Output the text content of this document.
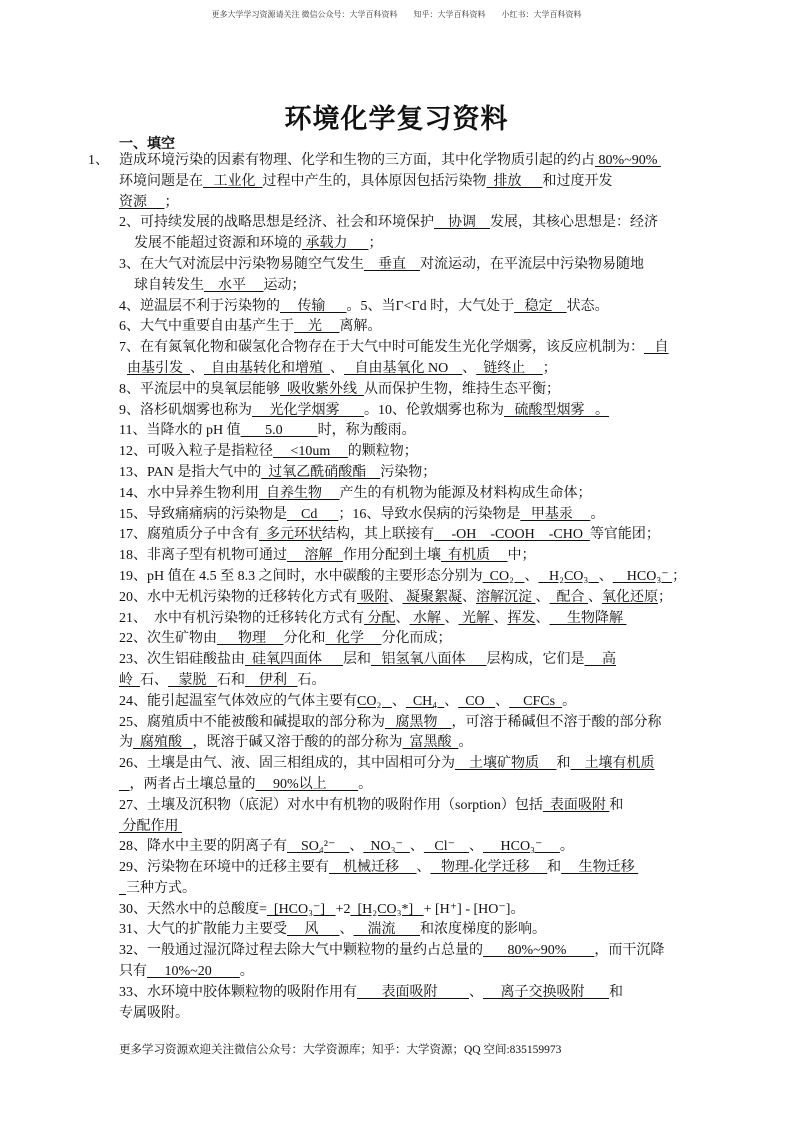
更多大学学习资源请关注 微信公众号：大学百科资料        知乎：大学百科资料        小红书：大学百科资料
环境化学复习资料
一、填空
1、 造成环境污染的因素有物理、化学和生物的三方面，其中化学物质引起的约占 80%~90%
环境问题是在   工业化  过程中产生的，具体原因包括污染物  排放      和过度开发
资源     ；
2、可持续发展的战略思想是经济、社会和环境保护    协调    发展，其核心思想是：经济
发展不能超过资源和环境的 承载力      ；
3、在大气对流层中污染物易随空气发生    垂直    对流运动，在平流层中污染物易随地
球自转发生    水平     运动；
4、逆温层不利于污染物的     传输      。5、当Γ<Γd 时，大气处于   稳定    状态。
6、大气中重要自由基产生于    光     离解。
7、在有氮氧化物和碳氢化合物存在于大气中时可能发生光化学烟雾，该反应机制为：   自
由基引发  、  自由基转化和增殖  、   自由基氧化 NO    、  链终止     ；
8、平流层中的臭氧层能够  吸收紫外线  从而保护生物，维持生态平衡；
9、洛杉矶烟雾也称为     光化学烟雾       。10、伦敦烟雾也称为   硫酸型烟雾   。
11、当降水的 pH 值       5.0          时，称为酸雨。
12、可吸入粒子是指粒径     <10um     的颗粒物；
13、PAN 是指大气中的  过氧乙酰硝酸酯    污染物；
14、水中异养生物利用  自养生物     产生的有机物为能源及材料构成生命体；
15、导致痛痛病的污染物是    Cd      ；16、导致水俣病的污染物是   甲基汞     。
17、腐殖质分子中含有  多元环状结构，其上联接有     -OH    -COOH    -CHO  等官能团；
18、非离子型有机物可通过     溶解   作用分配到土壤  有机质     中；
19、pH 值在 4.5 至 8.3 之间时，水中碳酸的主要形态分别为  CO₂   、   H₂CO₃   、    HCO₃⁻ ；
20、水中无机污染物的迁移转化方式有 吸附、 凝聚絮凝、溶解沉淀 、  配合 、氧化还原；
21、  水中有机污染物的迁移转化方式有 分配、 水解 、 光解 、挥发、     生物降解
22、次生矿物由      物理     分化和   化学     分化而成；
23、次生铝硅酸盐由  硅氧四面体      层和   铝氢氧八面体      层构成，它们是     高
岭  石、   蒙脱   石和    伊利   石。
24、能引起温室气体效应的气体主要有CO₂   、  CH₄  、  CO   、    CFCs  。
25、腐殖质中不能被酸和碱提取的部分称为   腐黑物    ，可溶于稀碱但不溶于酸的部分称
为  腐殖酸   ，既溶于碱又溶于酸的的部分称为  富黑酸  。
26、土壤是由气、液、固三相组成的，其中固相可分为    土壤矿物质     和    土壤有机质
，两者占土壤总量的     90%以上         。
27、土壤及沉积物（底泥）对水中有机物的吸附作用（sorption）包括  表面吸附 和
分配作用
28、降水中主要的阴离子有    SO₄²⁻    、  NO₃⁻  、   Cl⁻    、     HCO₃⁻     。
29、污染物在环境中的迁移主要有    机械迁移     、   物理-化学迁移     和     生物迁移
三种方式。
30、天然水中的总酸度=  [HCO₃⁻]   +2  [H₂CO₃*]   + [H⁺] - [HO⁻]。
31、大气的扩散能力主要受     风      、    湍流       和浓度梯度的影响。
32、一般通过湿沉降过程去除大气中颗粒物的量约占总量的       80%~90%        ，而干沉降
只有     10%~20        。
33、水环境中胶体颗粒物的吸附作用有       表面吸附         、     离子交换吸附       和
专属吸附。
更多学习资源欢迎关注微信公众号：大学资源库；知乎：大学资源；QQ 空间:835159973
